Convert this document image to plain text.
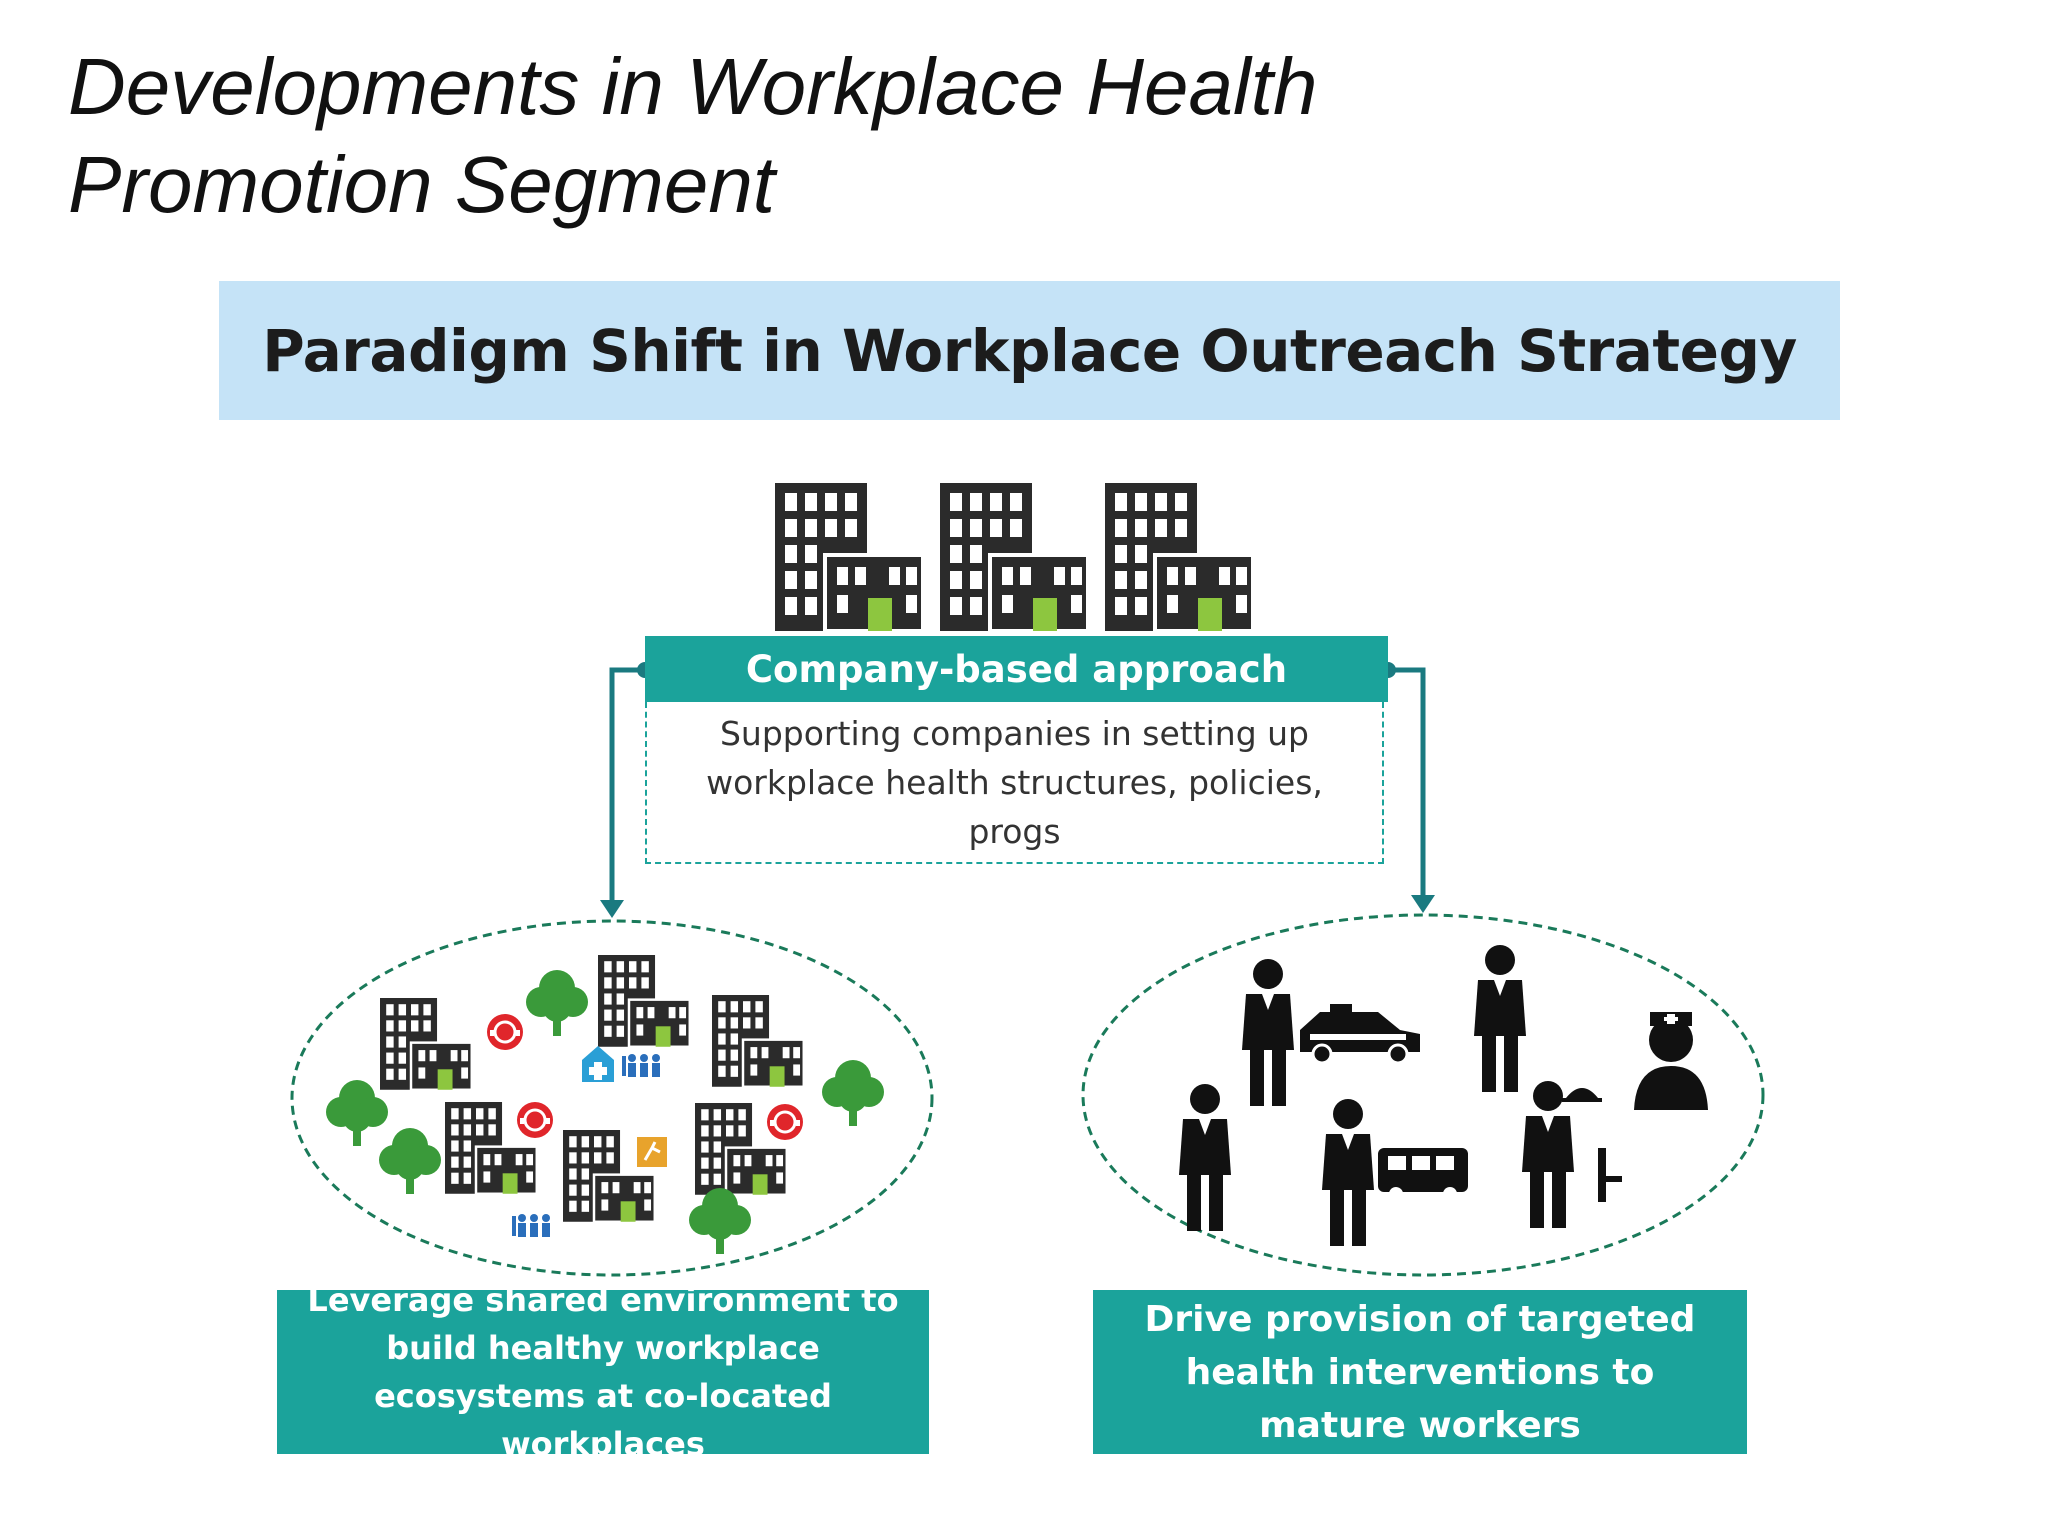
Developments in Workplace Health
Promotion Segment
Paradigm Shift in Workplace Outreach Strategy
Company-based approach
Supporting companies in setting up workplace health structures, policies, progs
Leverage shared environment to build healthy workplace ecosystems at co-located workplaces
Drive provision of targeted health interventions to mature workers
